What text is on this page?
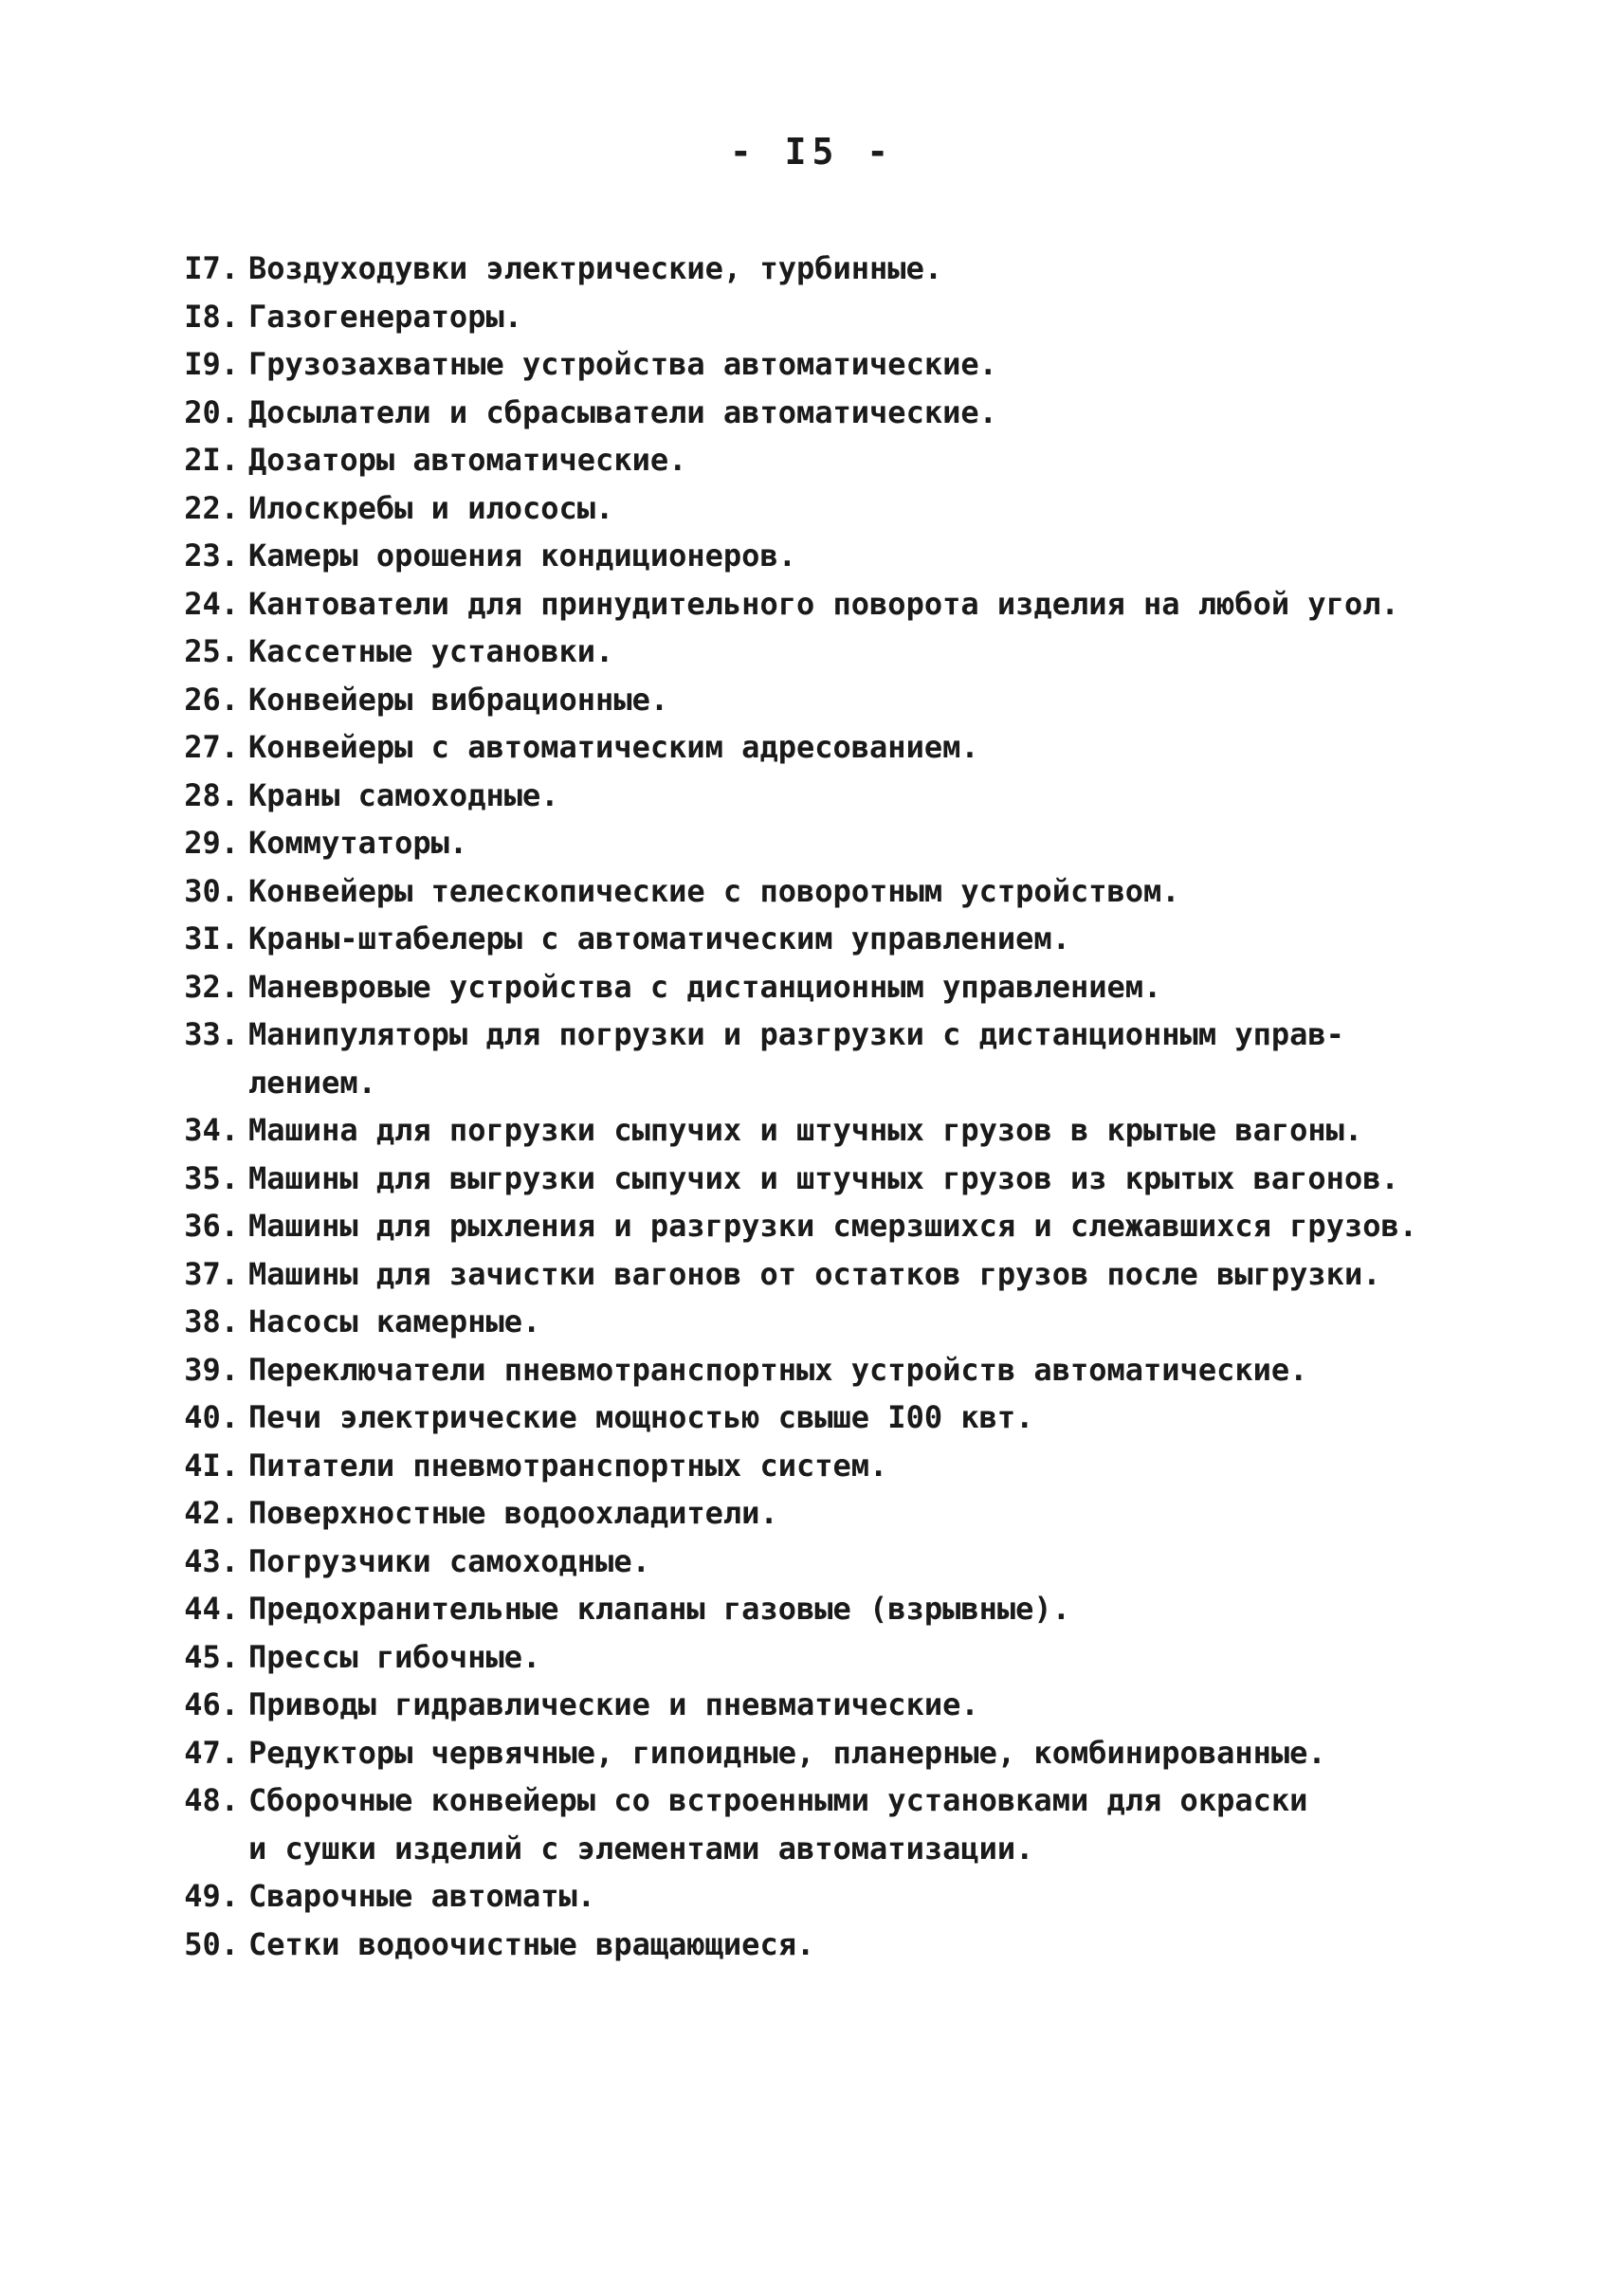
- I5 -
I7. Воздуходувки электрические, турбинные.
I8. Газогенераторы.
I9. Грузозахватные устройства автоматические.
20. Досылатели и сбрасыватели автоматические.
2I. Дозаторы автоматические.
22. Илоскребы и илососы.
23. Камеры орошения кондиционеров.
24. Кантователи для принудительного поворота изделия на любой угол.
25. Кассетные установки.
26. Конвейеры вибрационные.
27. Конвейеры с автоматическим адресованием.
28. Краны самоходные.
29. Коммутаторы.
30. Конвейеры телескопические с поворотным устройством.
3I. Краны-штабелеры с автоматическим управлением.
32. Маневровые устройства с дистанционным управлением.
33. Манипуляторы для погрузки и разгрузки с дистанционным управ-
лением.
34. Машина для погрузки сыпучих и штучных грузов в крытые вагоны.
35. Машины для выгрузки сыпучих и штучных грузов из крытых вагонов.
36. Машины для рыхления и разгрузки смерзшихся и слежавшихся грузов.
37. Машины для зачистки вагонов от остатков грузов после выгрузки.
38. Насосы камерные.
39. Переключатели пневмотранспортных устройств автоматические.
40. Печи электрические мощностью свыше I00 квт.
4I. Питатели пневмотранспортных систем.
42. Поверхностные водоохладители.
43. Погрузчики самоходные.
44. Предохранительные клапаны газовые (взрывные).
45. Прессы гибочные.
46. Приводы гидравлические и пневматические.
47. Редукторы червячные, гипоидные, планерные, комбинированные.
48. Сборочные конвейеры со встроенными установками для окраски
и сушки изделий с элементами автоматизации.
49. Сварочные автоматы.
50. Сетки водоочистные вращающиеся.
